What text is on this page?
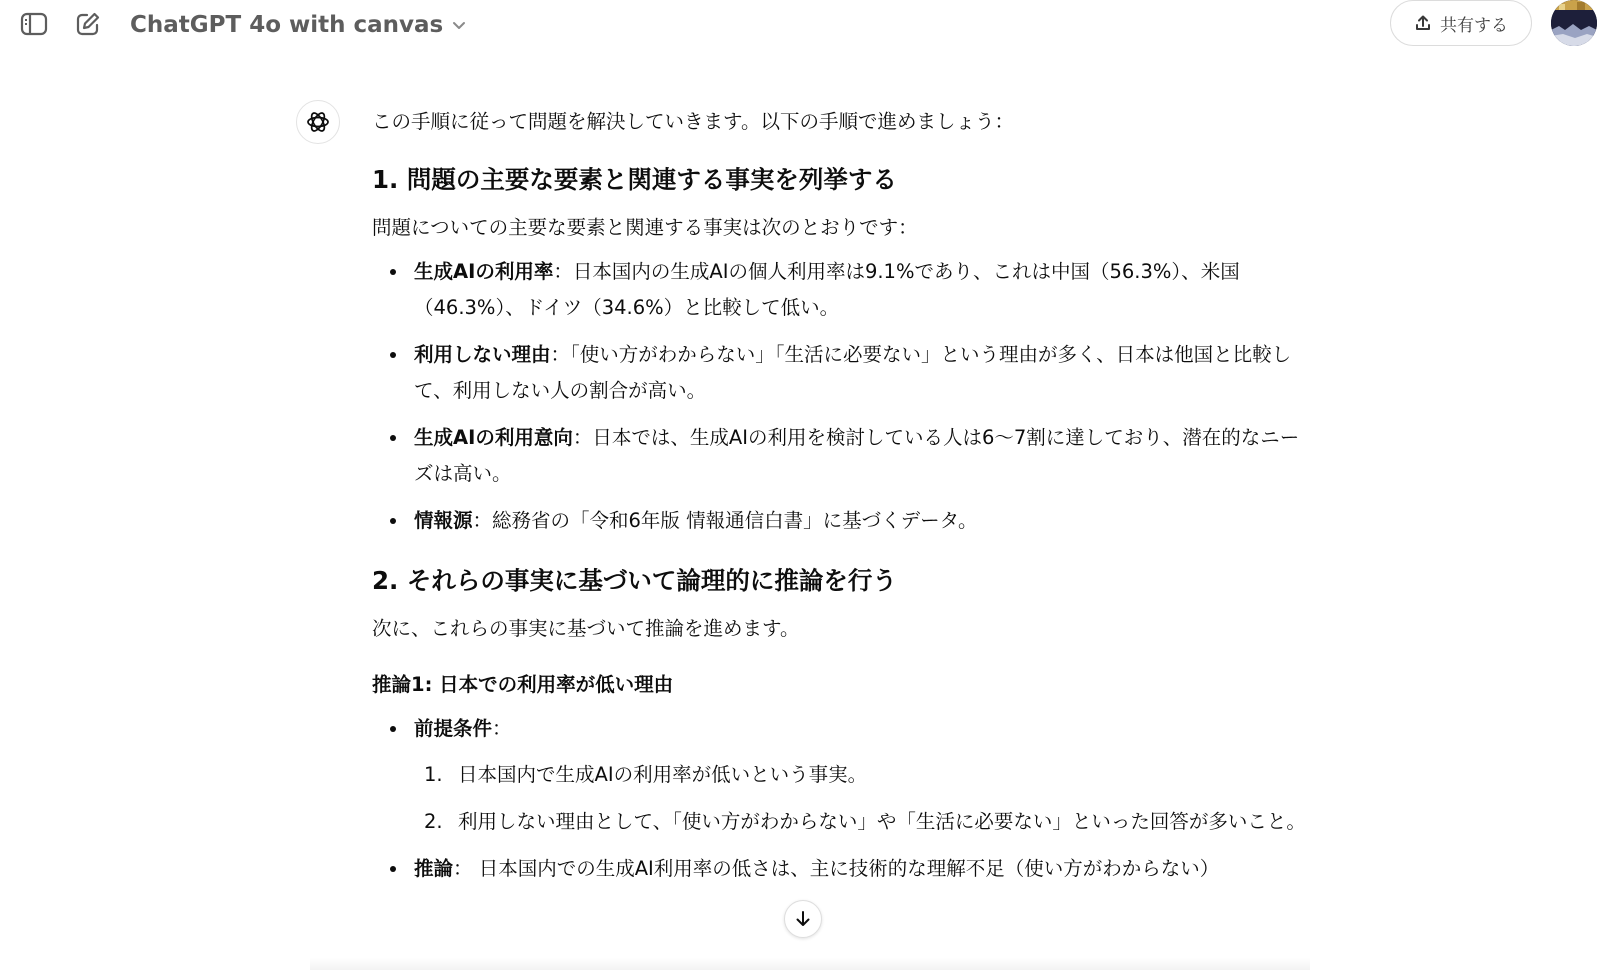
ChatGPT 4o with canvas	共有する

この手順に従って問題を解決していきます。以下の手順で進めましょう：

1. 問題の主要な要素と関連する事実を列挙する

問題についての主要な要素と関連する事実は次のとおりです：

生成AIの利用率：日本国内の生成AIの個人利用率は9.1%であり、これは中国（56.3%）、米国（46.3%）、ドイツ（34.6%）と比較して低い。
利用しない理由：「使い方がわからない」「生活に必要ない」という理由が多く、日本は他国と比較して、利用しない人の割合が高い。
生成AIの利用意向：日本では、生成AIの利用を検討している人は6〜7割に達しており、潜在的なニーズは高い。
情報源：総務省の「令和6年版 情報通信白書」に基づくデータ。
2. それらの事実に基づいて論理的に推論を行う

次に、これらの事実に基づいて推論を進めます。

推論1: 日本での利用率が低い理由
前提条件：
1. 日本国内で生成AIの利用率が低いという事実。
2. 利用しない理由として、「使い方がわからない」や「生活に必要ない」といった回答が多いこと。
推論： 日本国内での生成AI利用率の低さは、主に技術的な理解不足（使い方がわからない）
